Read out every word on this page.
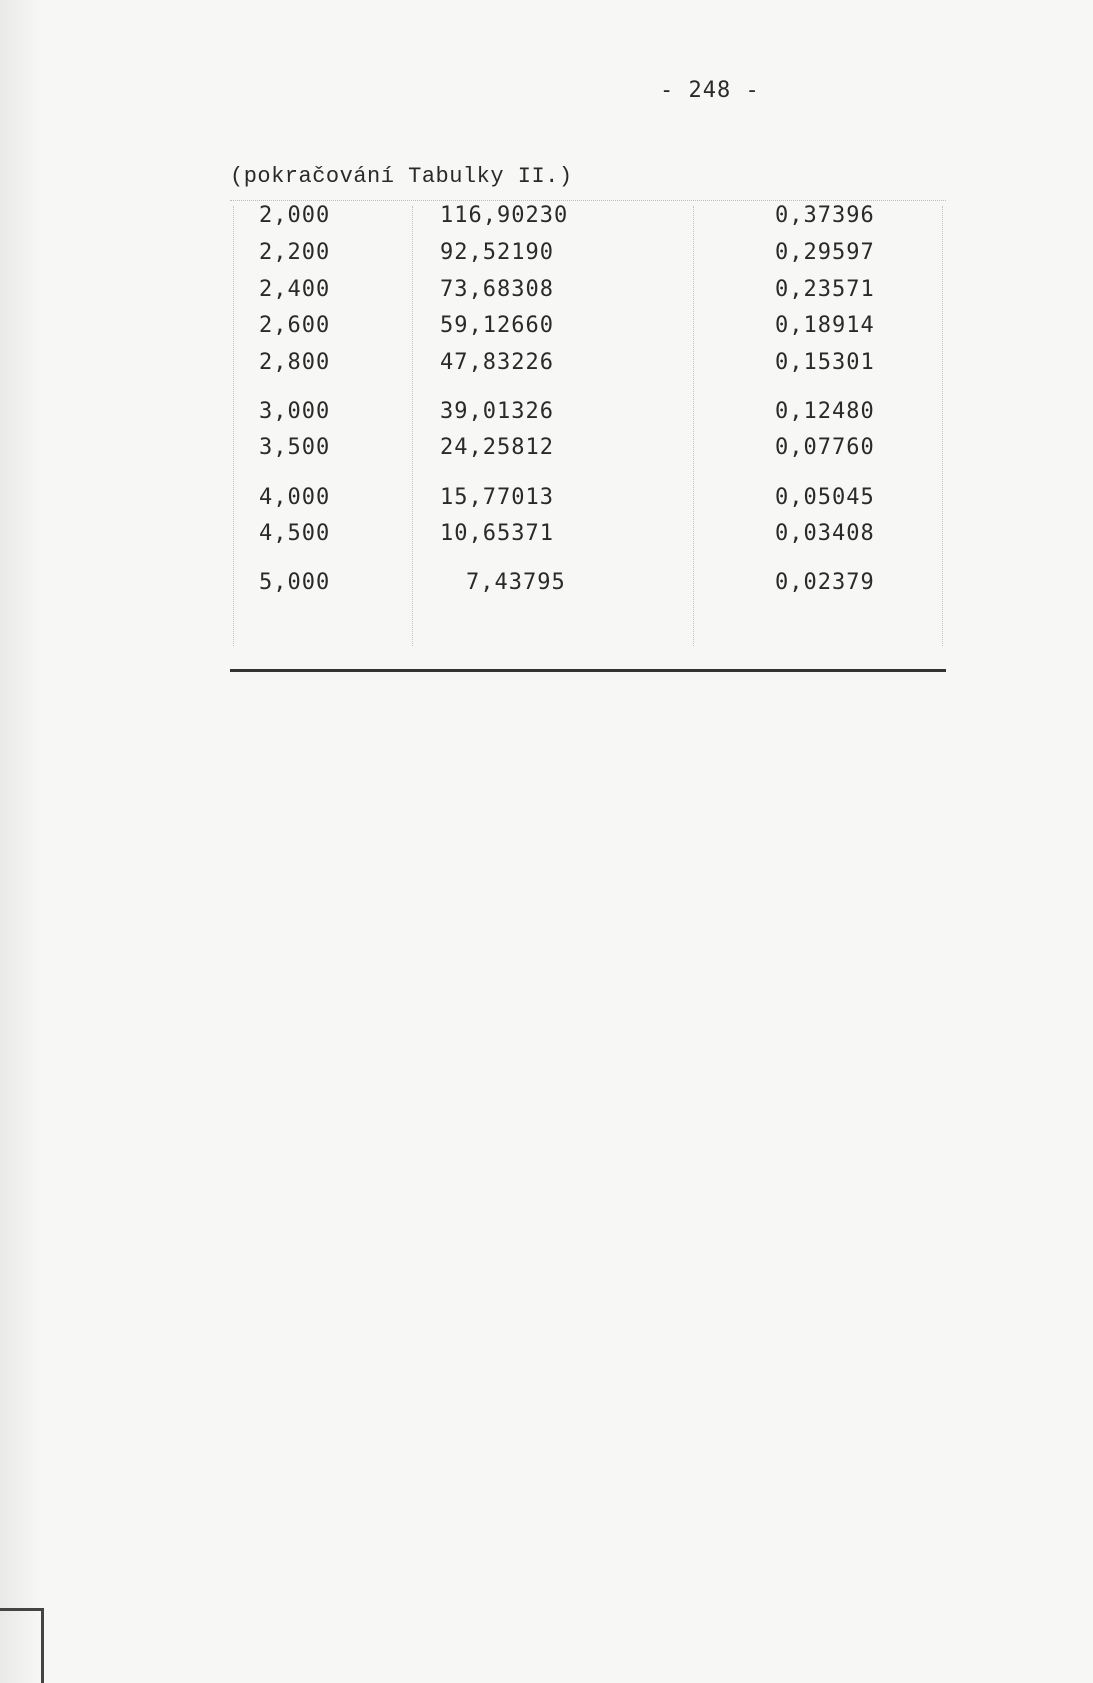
- 248 -
(pokračování Tabulky II.)
2,000	116,90230	0,37396
2,200	92,52190	0,29597
2,400	73,68308	0,23571
2,600	59,12660	0,18914
2,800	47,83226	0,15301
3,000	39,01326	0,12480
3,500	24,25812	0,07760
4,000	15,77013	0,05045
4,500	10,65371	0,03408
5,000	7,43795	0,02379
